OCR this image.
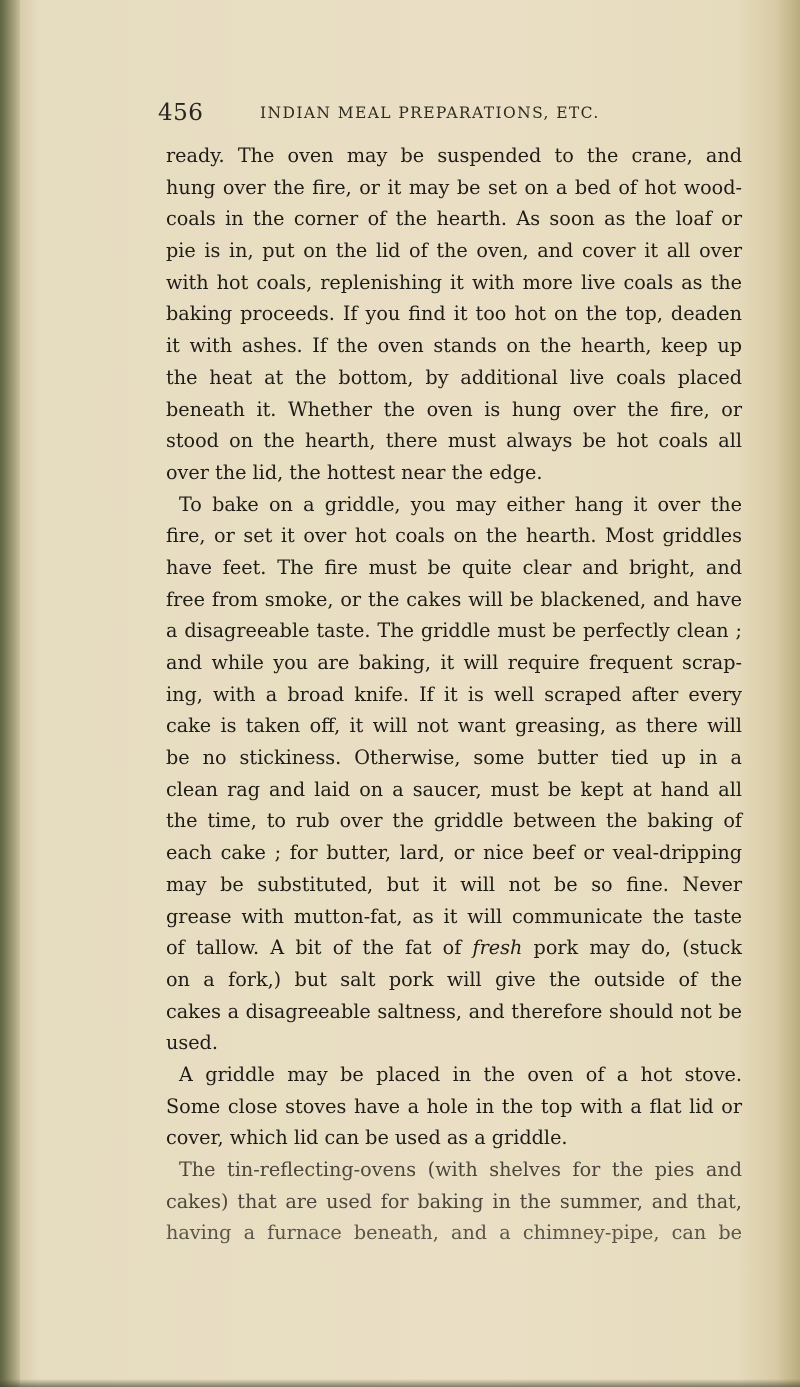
456	INDIAN MEAL PREPARATIONS, ETC.
ready. The oven may be suspended to the crane, and
hung over the fire, or it may be set on a bed of hot wood-
coals in the corner of the hearth. As soon as the loaf or
pie is in, put on the lid of the oven, and cover it all over
with hot coals, replenishing it with more live coals as the
baking proceeds. If you find it too hot on the top, deaden
it with ashes. If the oven stands on the hearth, keep up
the heat at the bottom, by additional live coals placed
beneath it. Whether the oven is hung over the fire, or
stood on the hearth, there must always be hot coals all
over the lid, the hottest near the edge.
To bake on a griddle, you may either hang it over the
fire, or set it over hot coals on the hearth. Most griddles
have feet. The fire must be quite clear and bright, and
free from smoke, or the cakes will be blackened, and have
a disagreeable taste. The griddle must be perfectly clean ;
and while you are baking, it will require frequent scrap-
ing, with a broad knife. If it is well scraped after every
cake is taken off, it will not want greasing, as there will
be no stickiness. Otherwise, some butter tied up in a
clean rag and laid on a saucer, must be kept at hand all
the time, to rub over the griddle between the baking of
each cake ; for butter, lard, or nice beef or veal-dripping
may be substituted, but it will not be so fine. Never
grease with mutton-fat, as it will communicate the taste
of tallow. A bit of the fat of fresh pork may do, (stuck
on a fork,) but salt pork will give the outside of the
cakes a disagreeable saltness, and therefore should not be
used.
A griddle may be placed in the oven of a hot stove.
Some close stoves have a hole in the top with a flat lid or
cover, which lid can be used as a griddle.
The tin-reflecting-ovens (with shelves for the pies and
cakes) that are used for baking in the summer, and that,
having a furnace beneath, and a chimney-pipe, can be
